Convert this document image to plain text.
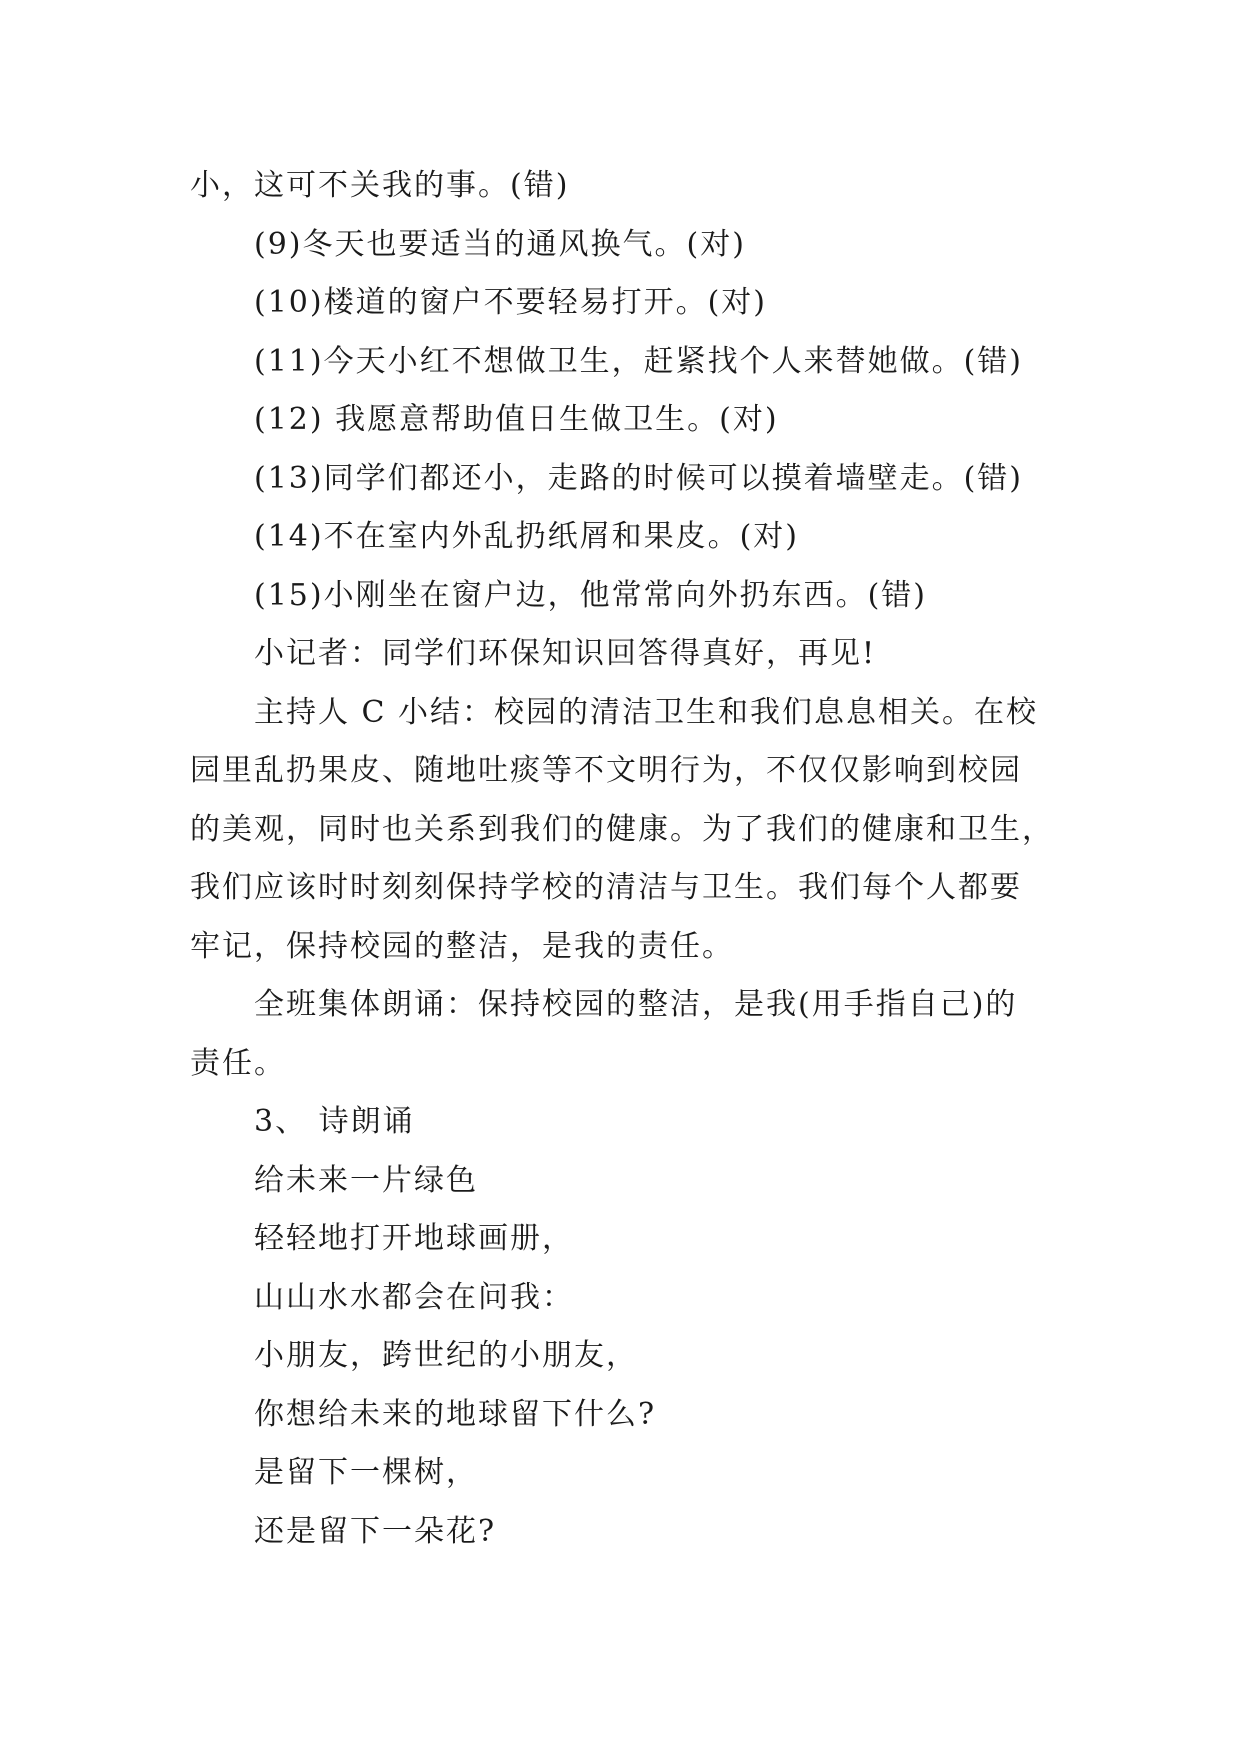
小，这可不关我的事。(错)

(9)冬天也要适当的通风换气。(对)

(10)楼道的窗户不要轻易打开。(对)

(11)今天小红不想做卫生，赶紧找个人来替她做。(错)

(12) 我愿意帮助值日生做卫生。(对)

(13)同学们都还小，走路的时候可以摸着墙壁走。(错)

(14)不在室内外乱扔纸屑和果皮。(对)

(15)小刚坐在窗户边，他常常向外扔东西。(错)

小记者：同学们环保知识回答得真好，再见!

主持人 C 小结：校园的清洁卫生和我们息息相关。在校

园里乱扔果皮、随地吐痰等不文明行为，不仅仅影响到校园

的美观，同时也关系到我们的健康。为了我们的健康和卫生，

我们应该时时刻刻保持学校的清洁与卫生。我们每个人都要

牢记，保持校园的整洁，是我的责任。

全班集体朗诵：保持校园的整洁，是我(用手指自己)的

责任。

3、 诗朗诵

给未来一片绿色

轻轻地打开地球画册，

山山水水都会在问我：

小朋友，跨世纪的小朋友，

你想给未来的地球留下什么?

是留下一棵树，

还是留下一朵花?
